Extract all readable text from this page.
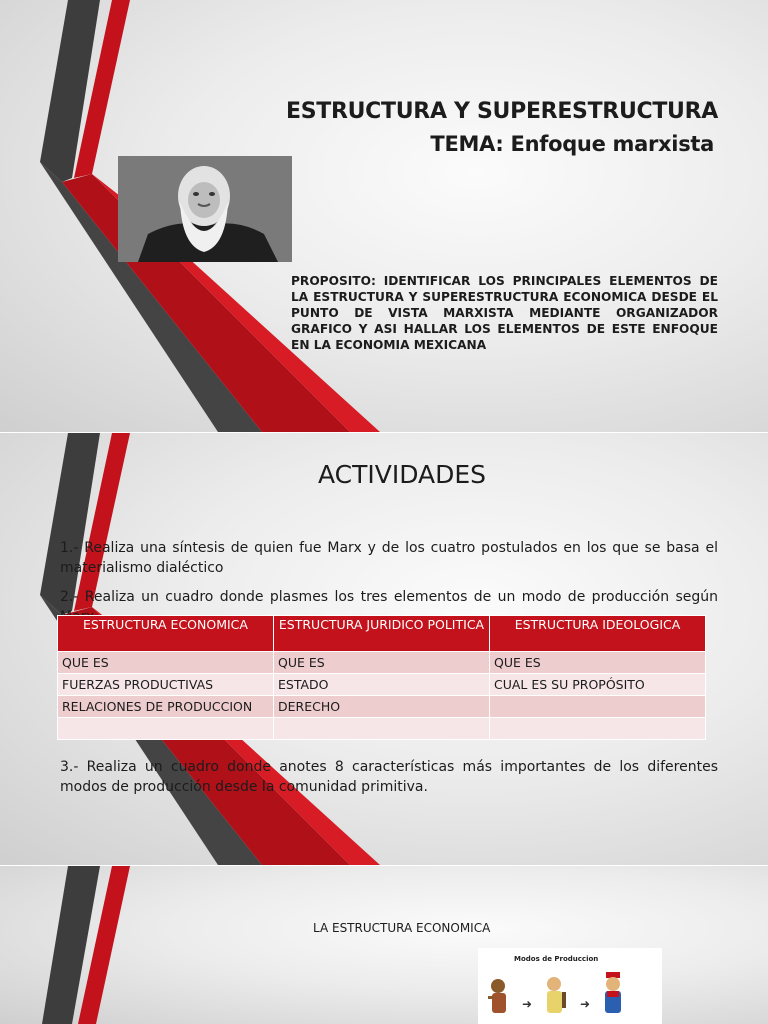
ESTRUCTURA Y SUPERESTRUCTURA
TEMA: Enfoque marxista

PROPOSITO: IDENTIFICAR LOS PRINCIPALES ELEMENTOS DE LA ESTRUCTURA Y SUPERESTRUCTURA ECONOMICA DESDE EL PUNTO DE VISTA MARXISTA MEDIANTE ORGANIZADOR GRAFICO Y ASI HALLAR LOS ELEMENTOS DE ESTE ENFOQUE EN LA ECONOMIA MEXICANA

ACTIVIDADES

1.- Realiza una síntesis de quien fue Marx y de los cuatro postulados en los que se basa el materialismo dialéctico

2.- Realiza un cuadro donde plasmes los tres elementos de un modo de producción según

ESTRUCTURA ECONOMICA	ESTRUCTURA JURIDICO POLITICA	ESTRUCTURA IDEOLOGICA
QUE ES	QUE ES	QUE ES
FUERZAS PRODUCTIVAS	ESTADO	CUAL ES SU PROPÓSITO
RELACIONES DE PRODUCCION	DERECHO	

3.- Realiza un cuadro donde anotes 8 características más importantes de los diferentes modos de producción desde la comunidad primitiva.

LA ESTRUCTURA ECONOMICA

Modos de Produccion
➜	➜
